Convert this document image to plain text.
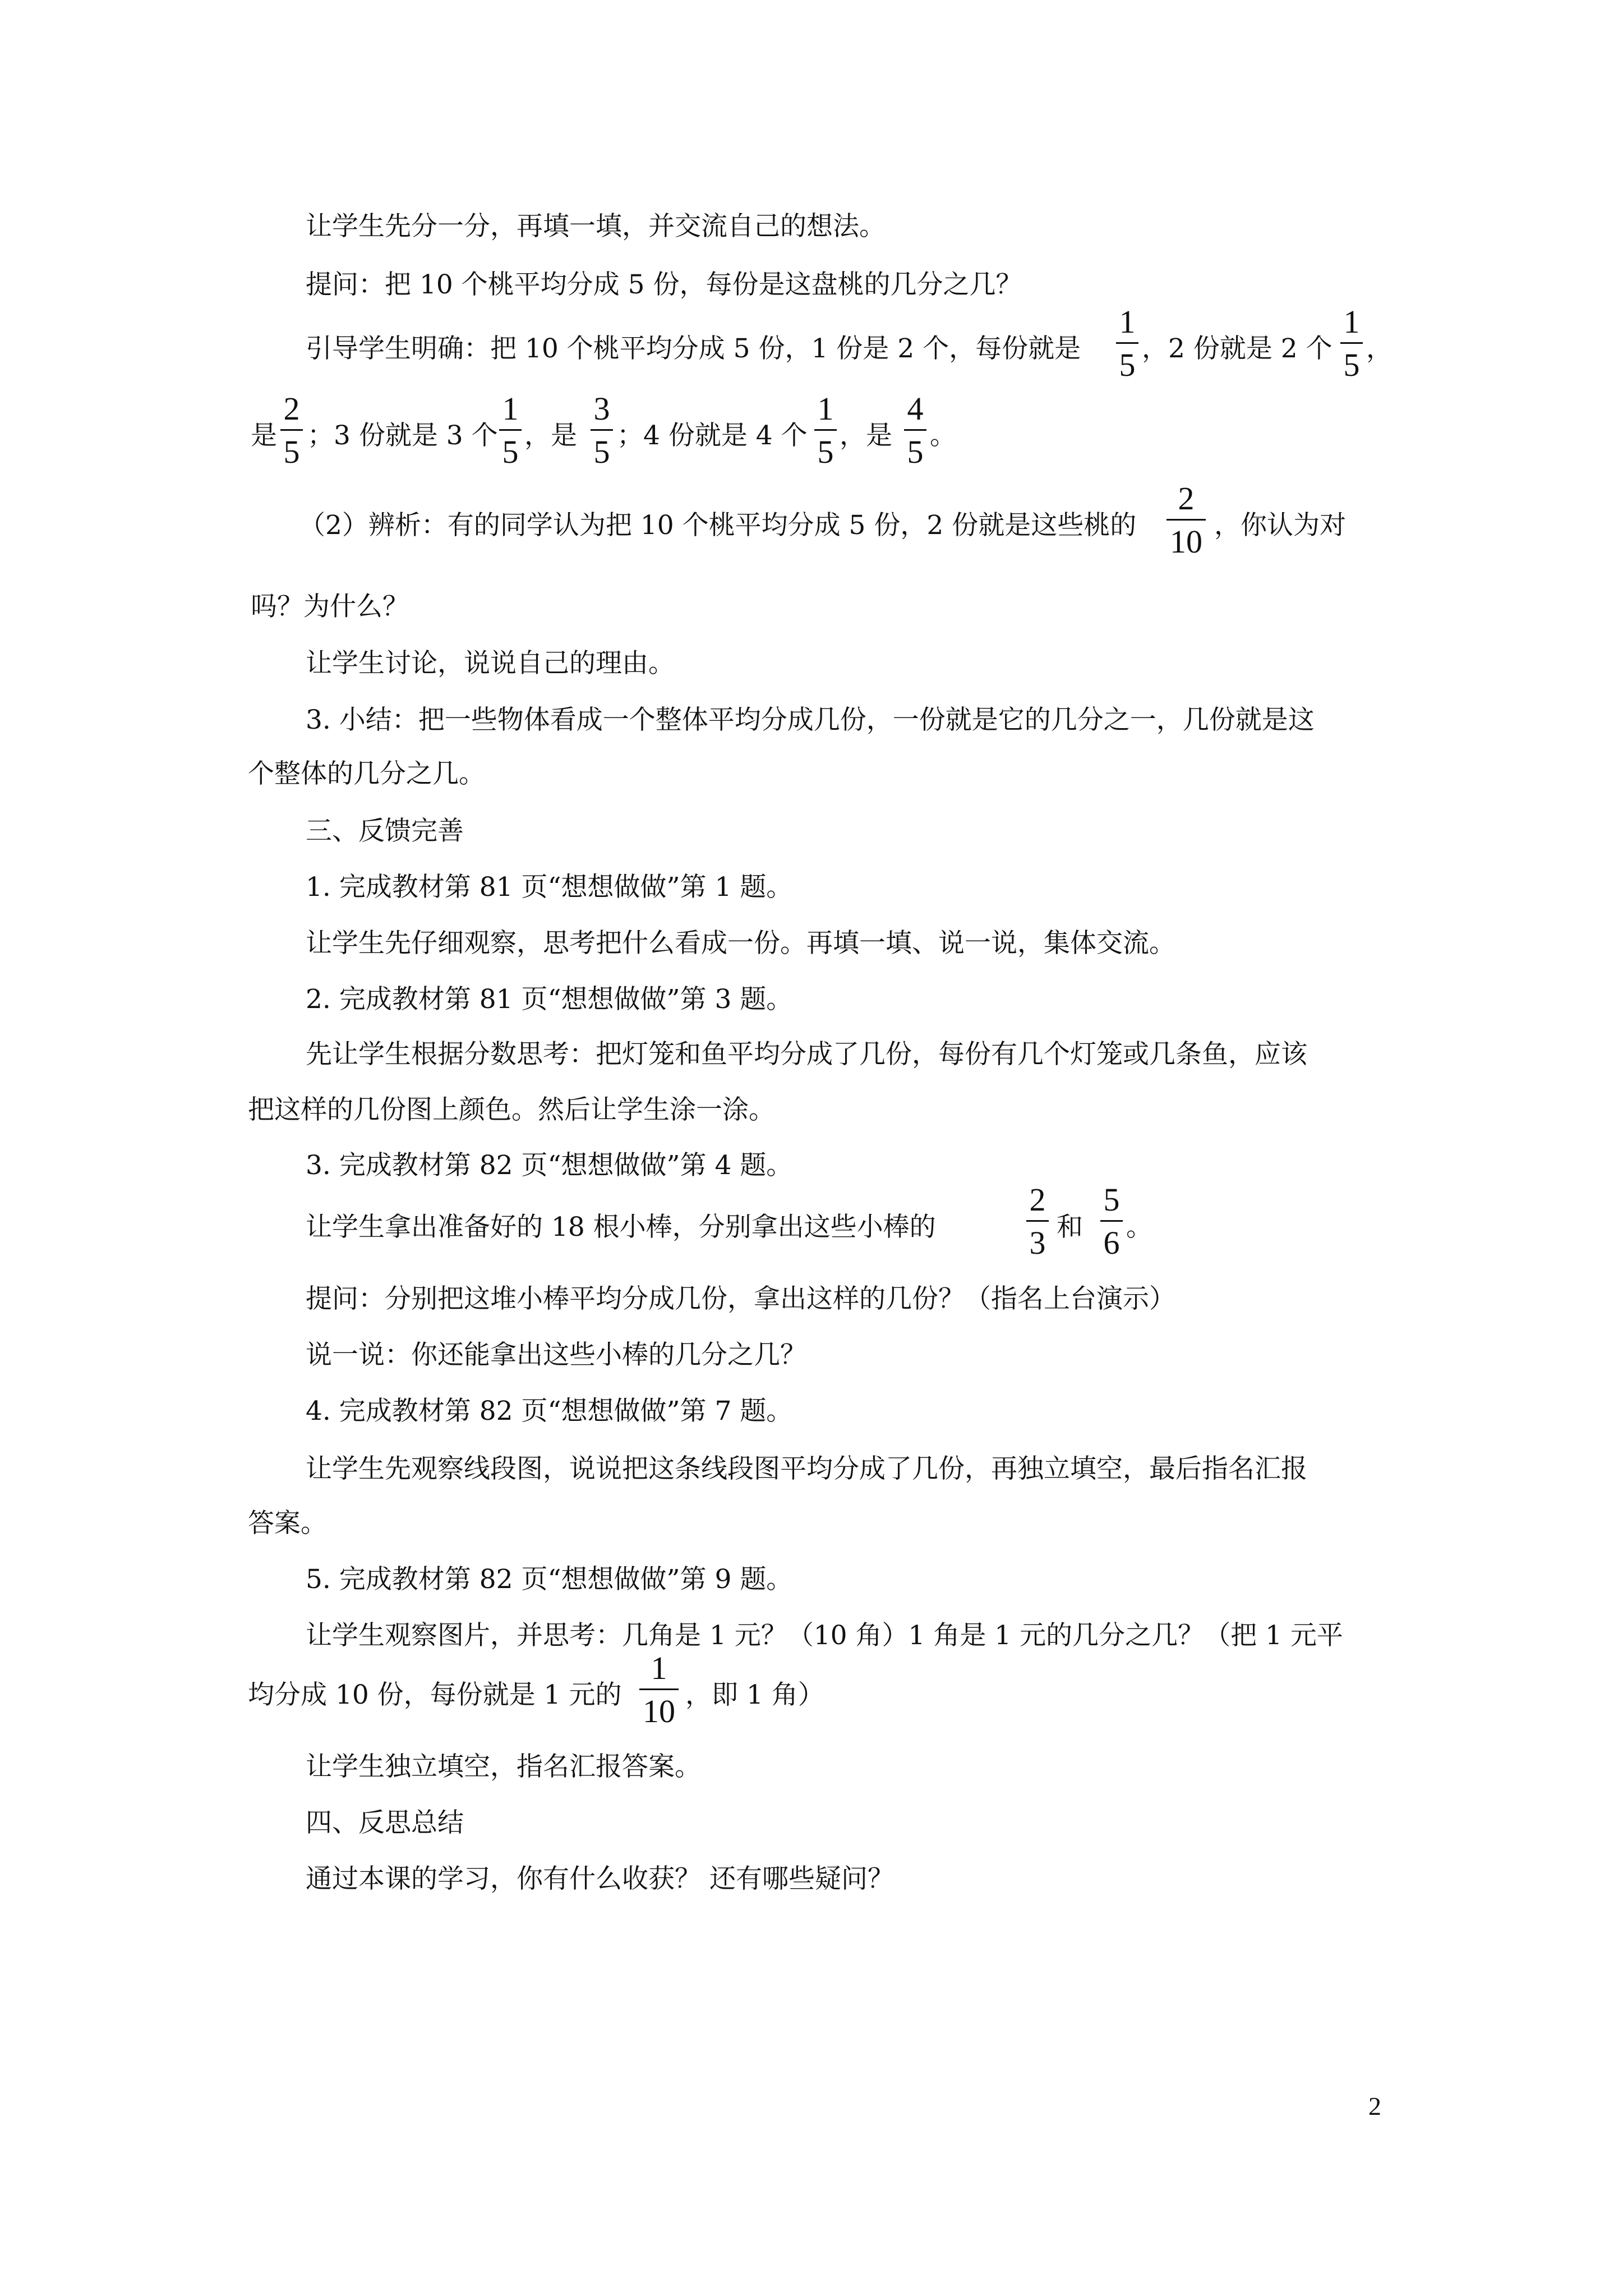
让学生先分一分，再填一填，并交流自己的想法。
提问：把 10 个桃平均分成 5 份，每份是这盘桃的几分之几？
引导学生明确：把 10 个桃平均分成 5 份，1 份是 2 个，每份就是
1
5 ，2 份就是 2 个
1
5 ，
是
2
5 ；3 份就是 3 个
1
5 ，是
3
5 ；4 份就是 4 个
1
5 ，是
4
5 。
（2）辨析：有的同学认为把 10 个桃平均分成 5 份，2 份就是这些桃的
2
10 ，你认为对
吗？为什么？
让学生讨论，说说自己的理由。
3. 小结：把一些物体看成一个整体平均分成几份，一份就是它的几分之一，几份就是这
个整体的几分之几。
三、反馈完善
1. 完成教材第 81 页“想想做做”第 1 题。
让学生先仔细观察，思考把什么看成一份。再填一填、说一说，集体交流。
2. 完成教材第 81 页“想想做做”第 3 题。
先让学生根据分数思考：把灯笼和鱼平均分成了几份，每份有几个灯笼或几条鱼，应该
把这样的几份图上颜色。然后让学生涂一涂。
3. 完成教材第 82 页“想想做做”第 4 题。
让学生拿出准备好的 18 根小棒，分别拿出这些小棒的
2
3 和
5
6 。
提问：分别把这堆小棒平均分成几份，拿出这样的几份？（指名上台演示）
说一说：你还能拿出这些小棒的几分之几？
4. 完成教材第 82 页“想想做做”第 7 题。
让学生先观察线段图，说说把这条线段图平均分成了几份，再独立填空，最后指名汇报
答案。
5. 完成教材第 82 页“想想做做”第 9 题。
让学生观察图片，并思考：几角是 1 元？（10 角）1 角是 1 元的几分之几？（把 1 元平
均分成 10 份，每份就是 1 元的
1
10 ，即 1 角）
让学生独立填空，指名汇报答案。
四、反思总结
通过本课的学习，你有什么收获？ 还有哪些疑问？
2
